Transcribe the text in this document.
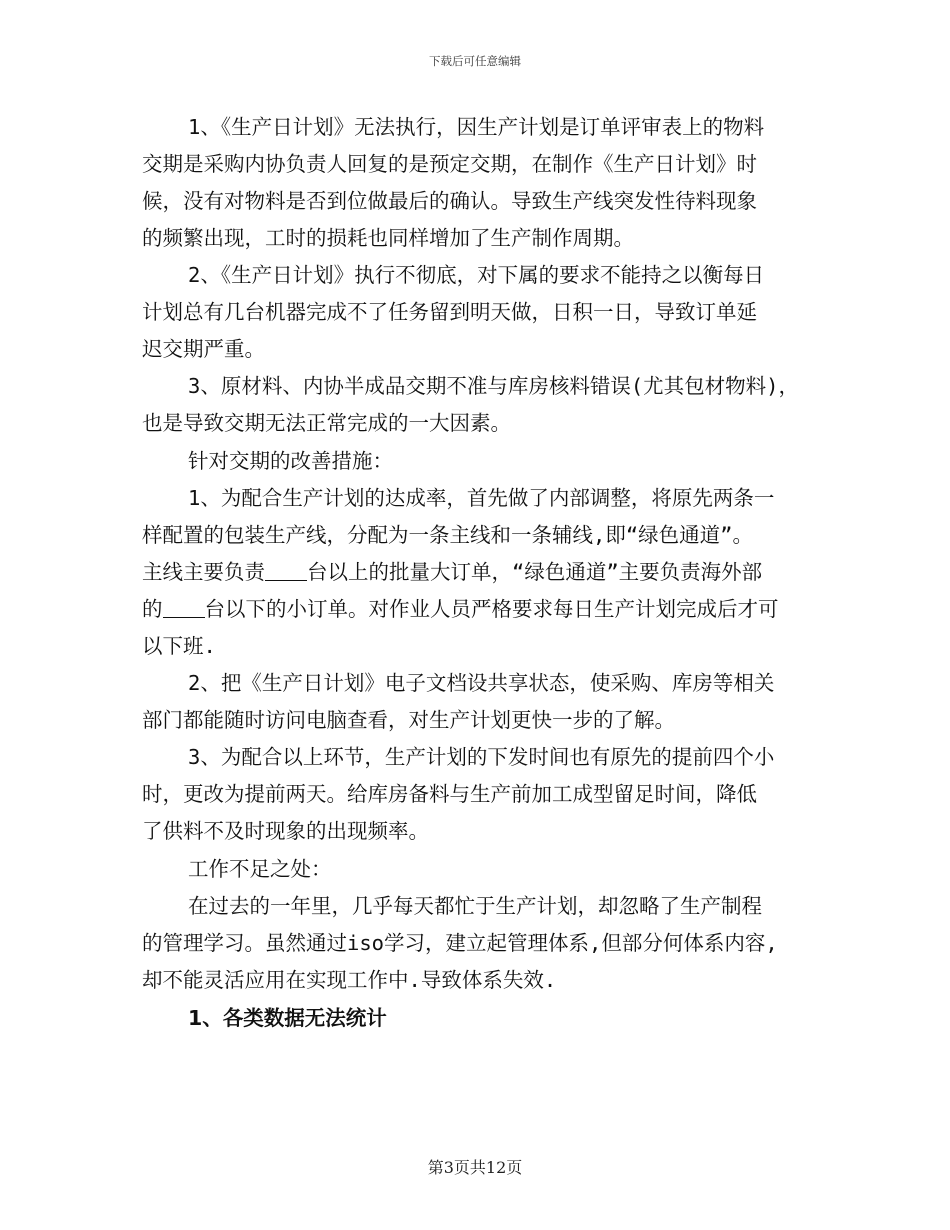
下载后可任意编辑
1、《生产日计划》无法执行，因生产计划是订单评审表上的物料
交期是采购内协负责人回复的是预定交期，在制作《生产日计划》时
候，没有对物料是否到位做最后的确认。导致生产线突发性待料现象
的频繁出现，工时的损耗也同样增加了生产制作周期。
2、《生产日计划》执行不彻底，对下属的要求不能持之以衡每日
计划总有几台机器完成不了任务留到明天做，日积一日，导致订单延
迟交期严重。
3、原材料、内协半成品交期不准与库房核料错误(尤其包材物料)，
也是导致交期无法正常完成的一大因素。
针对交期的改善措施：
1、为配合生产计划的达成率，首先做了内部调整，将原先两条一
样配置的包装生产线，分配为一条主线和一条辅线,即“绿色通道”。
主线主要负责 台以上的批量大订单，“绿色通道”主要负责海外部
的 台以下的小订单。对作业人员严格要求每日生产计划完成后才可
以下班.
2、把《生产日计划》电子文档设共享状态，使采购、库房等相关
部门都能随时访问电脑查看，对生产计划更快一步的了解。
3、为配合以上环节，生产计划的下发时间也有原先的提前四个小
时，更改为提前两天。给库房备料与生产前加工成型留足时间，降低
了供料不及时现象的出现频率。
工作不足之处：
在过去的一年里，几乎每天都忙于生产计划，却忽略了生产制程
的管理学习。虽然通过iso学习，建立起管理体系,但部分何体系内容,
却不能灵活应用在实现工作中.导致体系失效.
1、各类数据无法统计
第3页共12页
